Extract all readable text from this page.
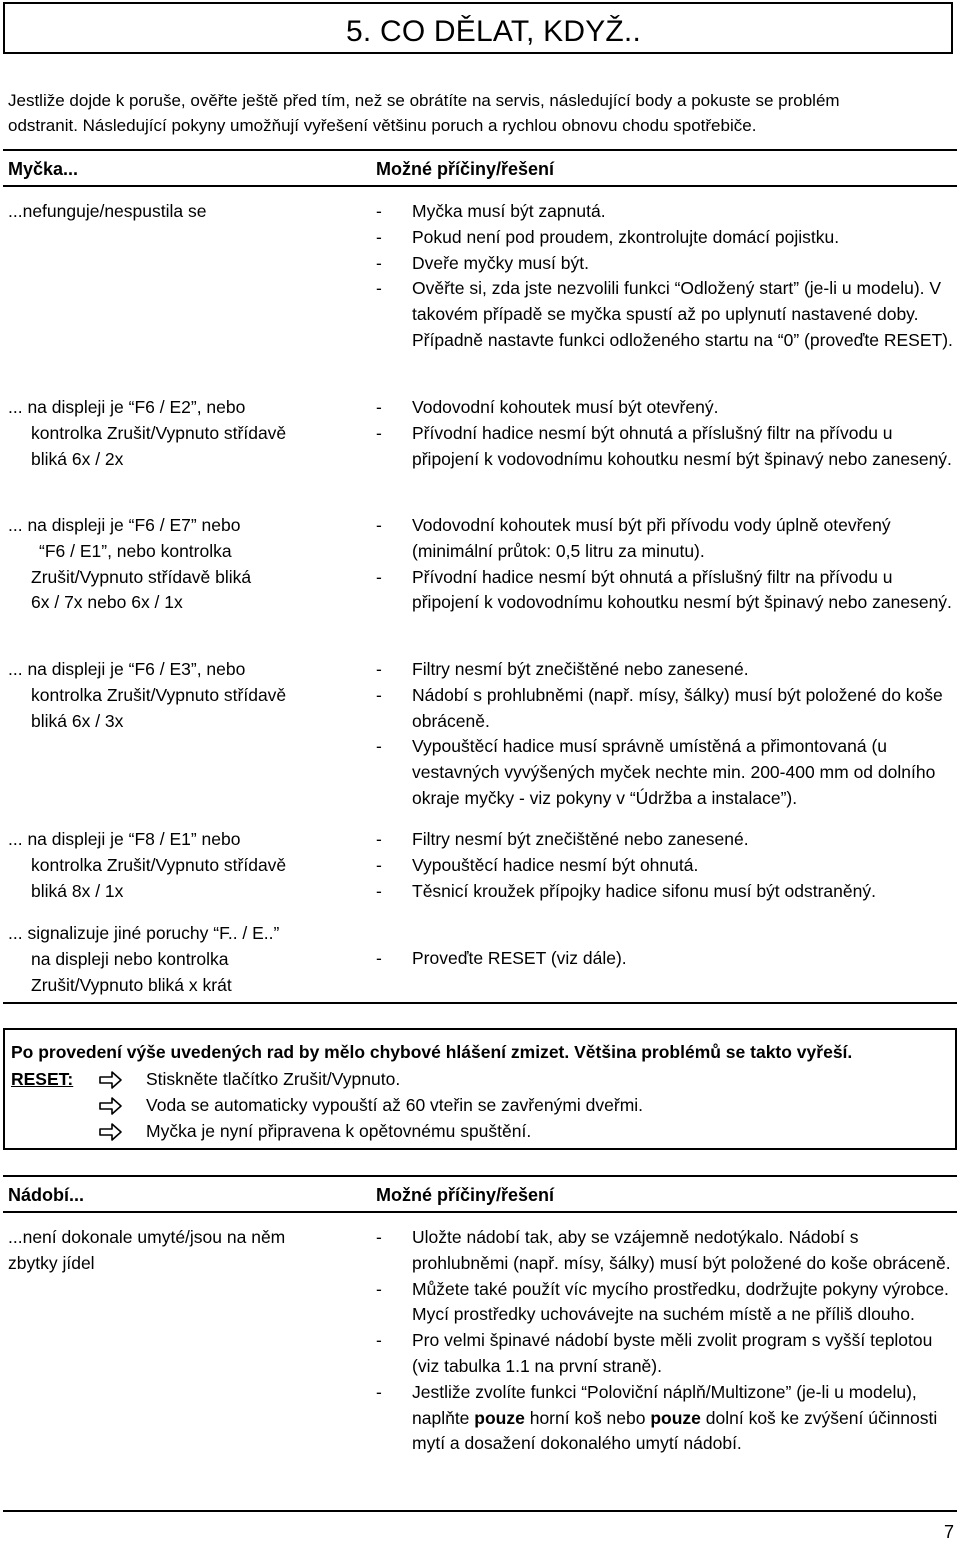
5. CO DĚLAT, KDYŽ..
Jestliže dojde k poruše, ověřte ještě před tím, než se obrátíte na servis, následující body a pokuste se problém
odstranit. Následující pokyny umožňují vyřešení většinu poruch a rychlou obnovu chodu spotřebiče.
Myčka...	Možné příčiny/řešení
...nefunguje/nespustila se
-	Myčka musí být zapnutá.
- Pokud není pod proudem, zkontrolujte domácí pojistku.
- Dveře myčky musí být.
- Ověřte si, zda jste nezvolili funkci “Odložený start” (je-li u modelu). V takovém případě se myčka spustí až po uplynutí nastavené doby. Případně nastavte funkci odloženého startu na “0” (proveďte RESET).
... na displeji je “F6 / E2”, nebo
kontrolka Zrušit/Vypnuto střídavě
bliká 6x / 2x
- Vodovodní kohoutek musí být otevřený.
- Přívodní hadice nesmí být ohnutá a příslušný filtr na přívodu u připojení k vodovodnímu kohoutku nesmí být špinavý nebo zanesený.
... na displeji je “F6 / E7” nebo
“F6 / E1”, nebo kontrolka
Zrušit/Vypnuto střídavě bliká
6x / 7x nebo 6x / 1x
- Vodovodní kohoutek musí být při přívodu vody úplně otevřený (minimální průtok: 0,5 litru za minutu).
- Přívodní hadice nesmí být ohnutá a příslušný filtr na přívodu u připojení k vodovodnímu kohoutku nesmí být špinavý nebo zanesený.
... na displeji je “F6 / E3”, nebo
kontrolka Zrušit/Vypnuto střídavě
bliká 6x / 3x
- Filtry nesmí být znečištěné nebo zanesené.
- Nádobí s prohlubněmi (např. mísy, šálky) musí být položené do koše obráceně.
- Vypouštěcí hadice musí správně umístěná a přimontovaná (u vestavných vyvýšených myček nechte min. 200-400 mm od dolního okraje myčky - viz pokyny v “Údržba a instalace”).
... na displeji je “F8 / E1” nebo
kontrolka Zrušit/Vypnuto střídavě
bliká 8x / 1x
- Filtry nesmí být znečištěné nebo zanesené.
- Vypouštěcí hadice nesmí být ohnutá.
- Těsnicí kroužek přípojky hadice sifonu musí být odstraněný.
... signalizuje jiné poruchy “F.. / E..”
na displeji nebo kontrolka
Zrušit/Vypnuto bliká x krát
- Proveďte RESET (viz dále).
Po provedení výše uvedených rad by mělo chybové hlášení zmizet. Většina problémů se takto vyřeší.
RESET:	Stiskněte tlačítko Zrušit/Vypnuto.
Voda se automaticky vypouští až 60 vteřin se zavřenými dveřmi.
Myčka je nyní připravena k opětovnému spuštění.
Nádobí...	Možné příčiny/řešení
...není dokonale umyté/jsou na něm
zbytky jídel
- Uložte nádobí tak, aby se vzájemně nedotýkalo. Nádobí s prohlubněmi (např. mísy, šálky) musí být položené do koše obráceně.
- Můžete také použít víc mycího prostředku, dodržujte pokyny výrobce. Mycí prostředky uchovávejte na suchém místě a ne příliš dlouho.
- Pro velmi špinavé nádobí byste měli zvolit program s vyšší teplotou (viz tabulka 1.1 na první straně).
- Jestliže zvolíte funkci “Poloviční náplň/Multizone” (je-li u modelu), naplňte pouze horní koš nebo pouze dolní koš ke zvýšení účinnosti mytí a dosažení dokonalého umytí nádobí.
7
